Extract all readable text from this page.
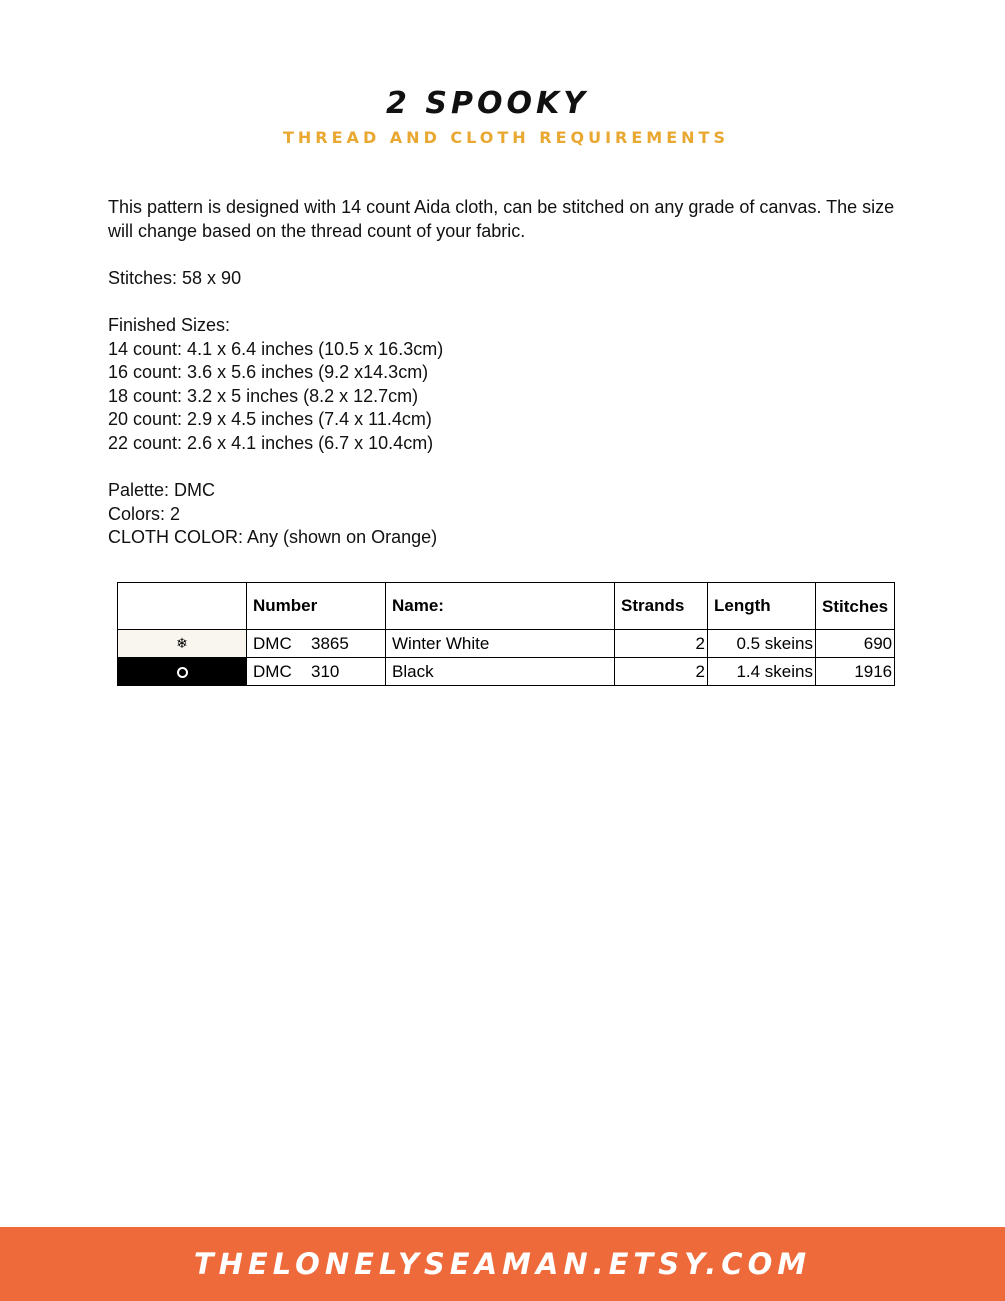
2 SPOOKY
THREAD AND CLOTH REQUIREMENTS

This pattern is designed with 14 count Aida cloth, can be stitched on any grade of canvas. The size will change based on the thread count of your fabric.

Stitches: 58 x 90

Finished Sizes:

14 count: 4.1 x 6.4 inches (10.5 x 16.3cm)

16 count: 3.6 x 5.6 inches (9.2 x14.3cm)

18 count: 3.2 x 5 inches (8.2 x 12.7cm)

20 count: 2.9 x 4.5 inches (7.4 x 11.4cm)

22 count: 2.6 x 4.1 inches (6.7 x 10.4cm)

Palette: DMC

Colors: 2

CLOTH COLOR: Any (shown on Orange)

	Number	Name:	Strands	Length	Stitches
❄	DMC 3865	Winter White	2	0.5 skeins	690
	DMC 310	Black	2	1.4 skeins	1916
THELONELYSEAMAN.ETSY.COM
